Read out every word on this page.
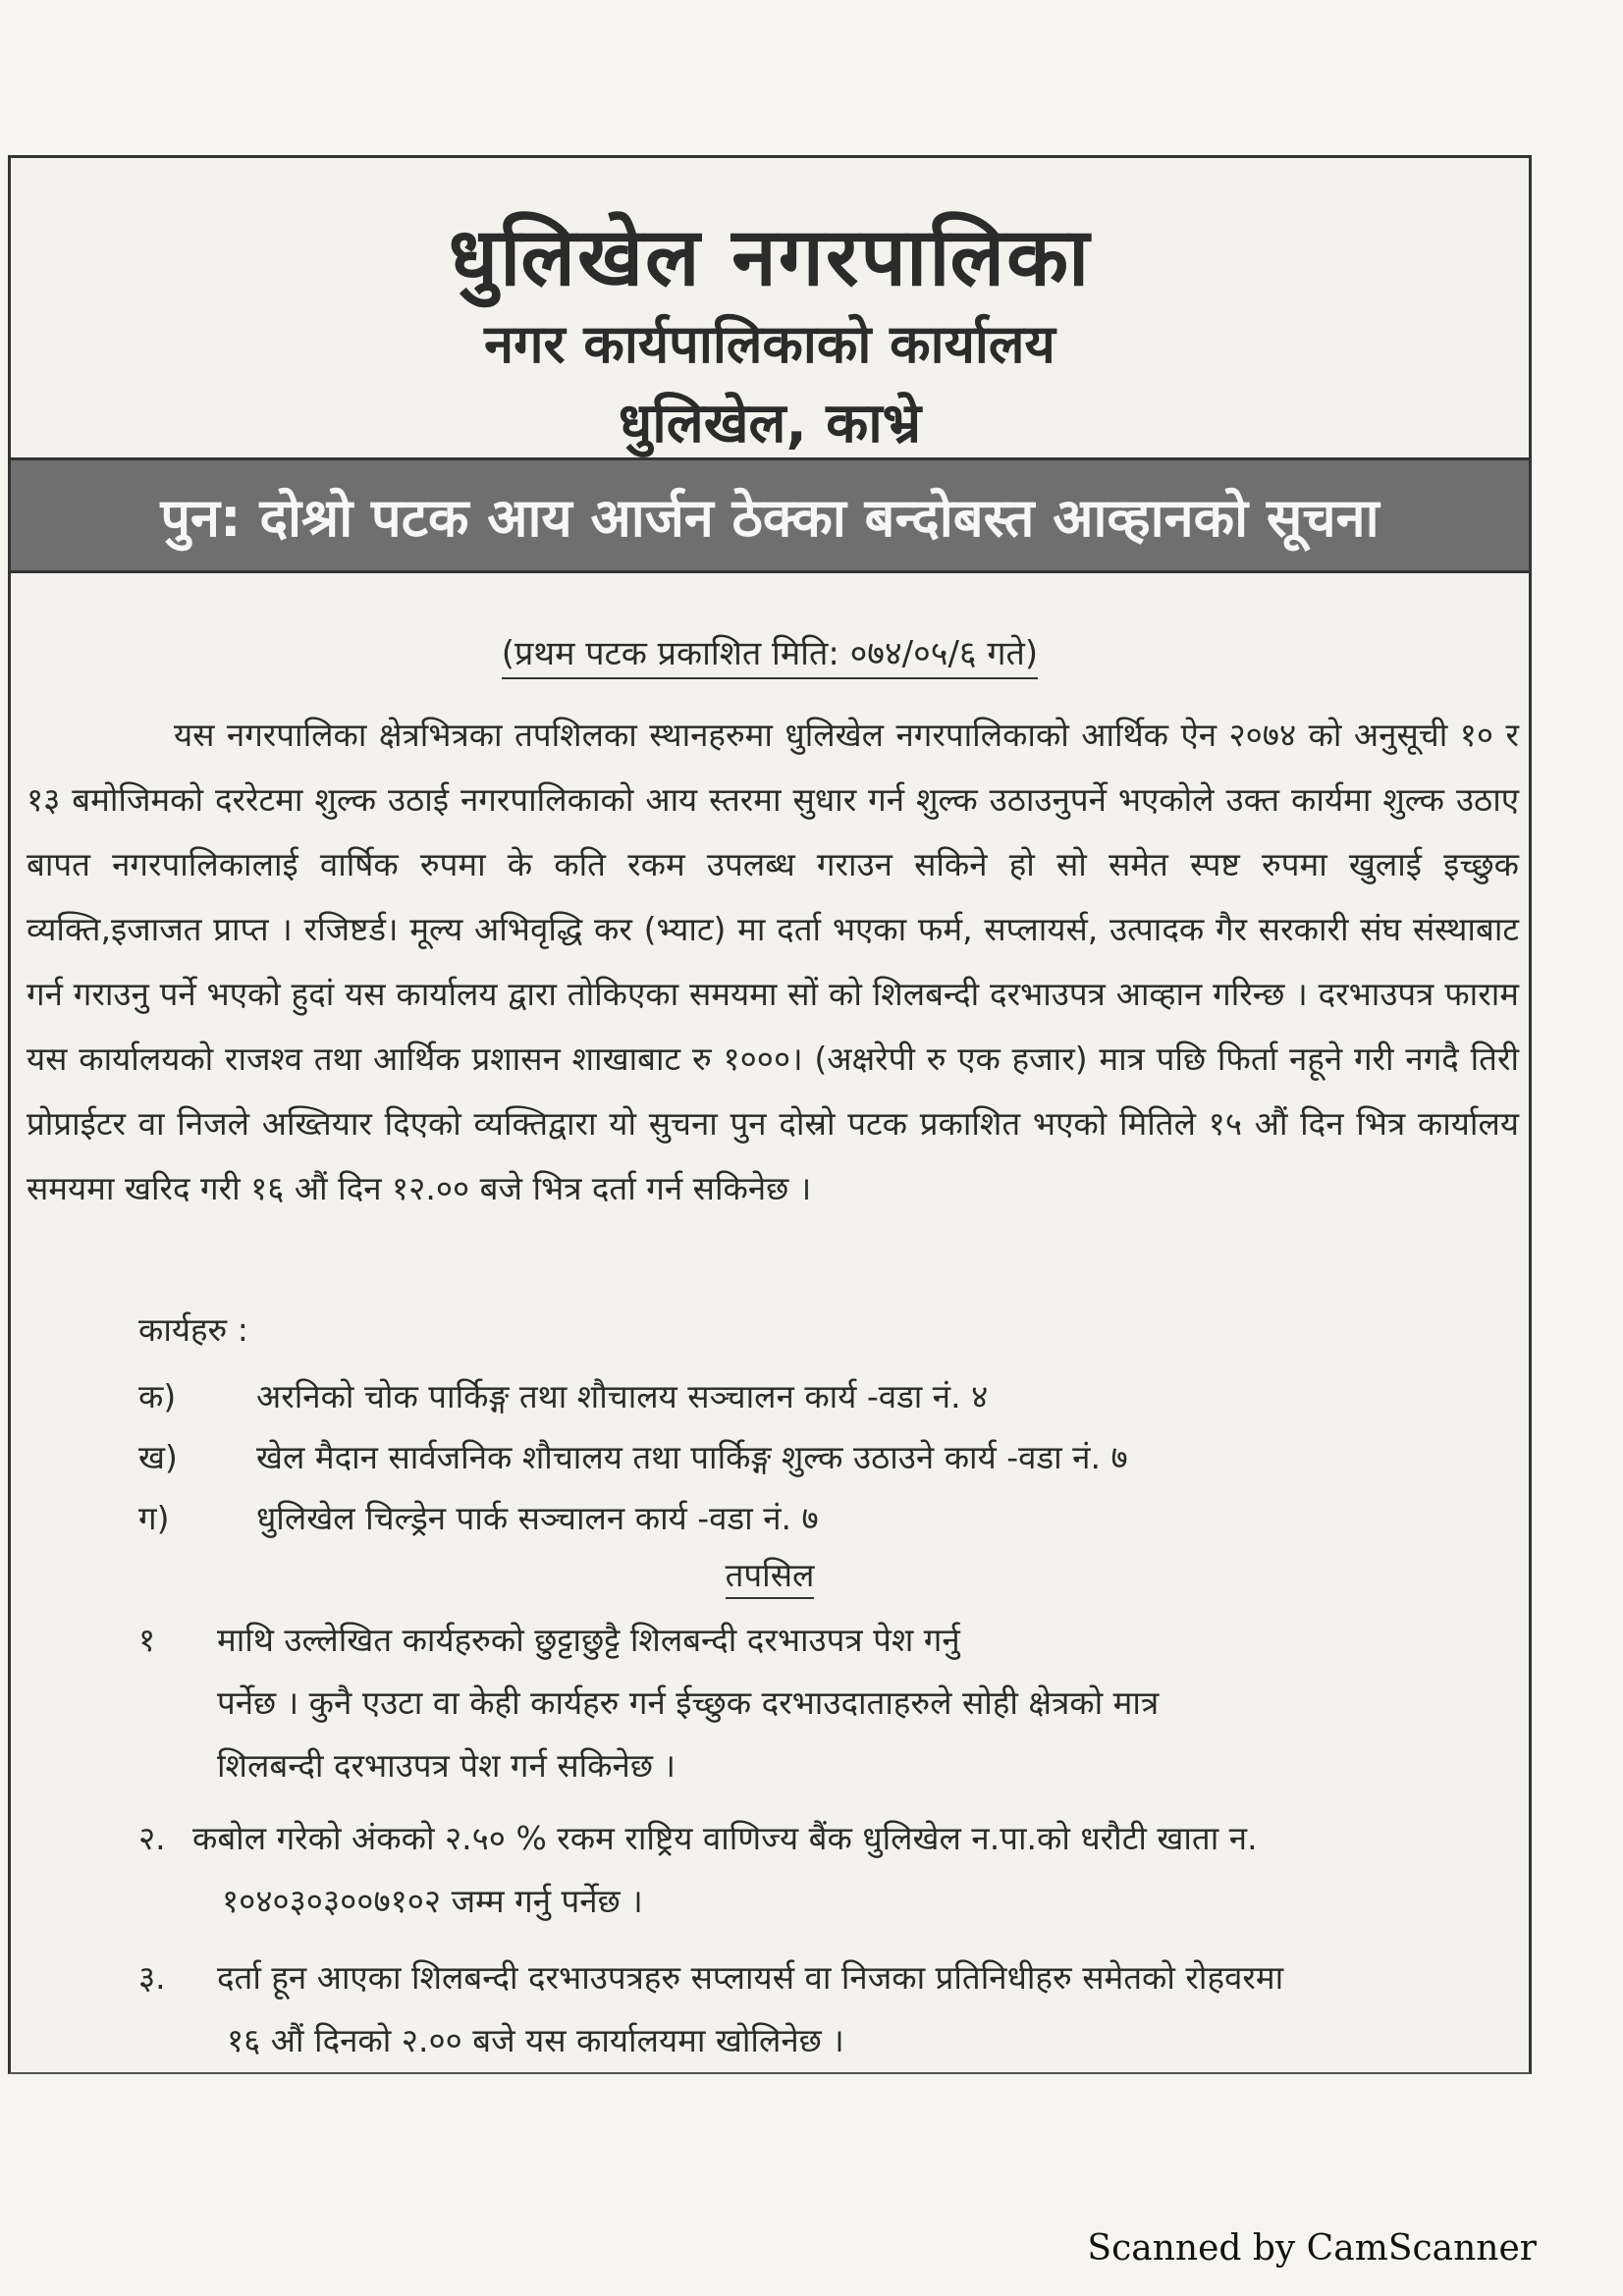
धुलिखेल नगरपालिका
नगर कार्यपालिकाको कार्यालय
धुलिखेल, काभ्रे
पुन: दोश्रो पटक आय आर्जन ठेक्का बन्दोबस्त आव्हानको सूचना
(प्रथम पटक प्रकाशित मिति: ०७४/०५/६ गते)

यस नगरपालिका क्षेत्रभित्रका तपशिलका स्थानहरुमा धुलिखेल नगरपालिकाको आर्थिक ऐन २०७४ को अनुसूची १० र १३ बमोजिमको दररेटमा शुल्क उठाई नगरपालिकाको आय स्तरमा सुधार गर्न शुल्क उठाउनुपर्ने भएकोले उक्त कार्यमा शुल्क उठाए बापत नगरपालिकालाई वार्षिक रुपमा के कति रकम उपलब्ध गराउन सकिने हो सो समेत स्पष्ट रुपमा खुलाई इच्छुक व्यक्ति,इजाजत प्राप्त । रजिष्टर्ड। मूल्य अभिवृद्धि कर (भ्याट) मा दर्ता भएका फर्म, सप्लायर्स, उत्पादक गैर सरकारी संघ संस्थाबाट गर्न गराउनु पर्ने भएको हुदां यस कार्यालय द्वारा तोकिएका समयमा सों को शिलबन्दी दरभाउपत्र आव्हान गरिन्छ । दरभाउपत्र फाराम यस कार्यालयको राजश्व तथा आर्थिक प्रशासन शाखाबाट रु १०००। (अक्षरेपी रु एक हजार) मात्र पछि फिर्ता नहूने गरी नगदै तिरी प्रोप्राईटर वा निजले अख्तियार दिएको व्यक्तिद्वारा यो सुचना पुन दोस्रो पटक प्रकाशित भएको मितिले १५ औं दिन भित्र कार्यालय समयमा खरिद गरी १६ औं दिन १२.०० बजे भित्र दर्ता गर्न सकिनेछ ।

कार्यहरु :
क) अरनिको चोक पार्किङ्ग तथा शौचालय सञ्चालन कार्य -वडा नं. ४
ख) खेल मैदान सार्वजनिक शौचालय तथा पार्किङ्ग शुल्क उठाउने कार्य -वडा नं. ७
ग)	धुलिखेल चिल्ड्रेन पार्क सञ्चालन कार्य -वडा नं. ७
तपसिल
१ माथि उल्लेखित कार्यहरुको छुट्टाछुट्टै शिलबन्दी दरभाउपत्र पेश गर्नु
पर्नेछ । कुनै एउटा वा केही कार्यहरु गर्न ईच्छुक दरभाउदाताहरुले सोही क्षेत्रको मात्र
शिलबन्दी दरभाउपत्र पेश गर्न सकिनेछ ।
२. कबोल गरेको अंकको २.५० % रकम राष्ट्रिय वाणिज्य बैंक धुलिखेल न.पा.को धरौटी खाता न.
१०४०३०३००७१०२ जम्म गर्नु पर्नेछ ।
३. दर्ता हून आएका शिलबन्दी दरभाउपत्रहरु सप्लायर्स वा निजका प्रतिनिधीहरु समेतको रोहवरमा
१६ औं दिनको २.०० बजे यस कार्यालयमा खोलिनेछ ।
Scanned by CamScanner
